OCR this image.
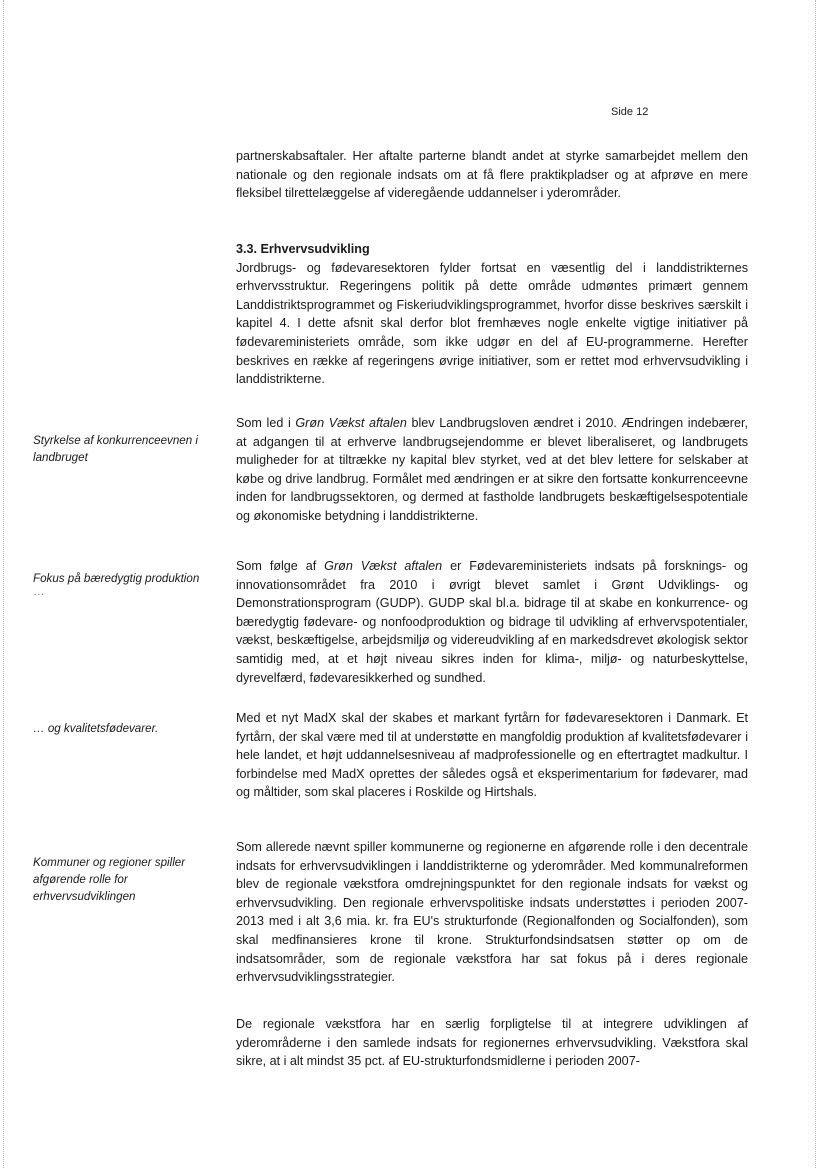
Side 12

partnerskabsaftaler. Her aftalte parterne blandt andet at styrke samarbejdet mellem den nationale og den regionale indsats om at få flere praktikpladser og at afprøve en mere fleksibel tilrettelæggelse af videregående uddannelser i yderområder.

3.3. Erhvervsudvikling

Jordbrugs- og fødevaresektoren fylder fortsat en væsentlig del i landdistrikternes erhvervsstruktur. Regeringens politik på dette område udmøntes primært gennem Landdistriktsprogrammet og Fiskeriudviklingsprogrammet, hvorfor disse beskrives særskilt i kapitel 4. I dette afsnit skal derfor blot fremhæves nogle enkelte vigtige initiativer på fødevareministeriets område, som ikke udgør en del af EU-programmerne. Herefter beskrives en række af regeringens øvrige initiativer, som er rettet mod erhvervsudvikling i landdistrikterne.

Som led i Grøn Vækst aftalen blev Landbrugsloven ændret i 2010. Ændringen indebærer, at adgangen til at erhverve landbrugsejendomme er blevet liberaliseret, og landbrugets muligheder for at tiltrække ny kapital blev styrket, ved at det blev lettere for selskaber at købe og drive landbrug. Formålet med ændringen er at sikre den fortsatte konkurrenceevne inden for landbrugssektoren, og dermed at fastholde landbrugets beskæftigelsespotentiale og økonomiske betydning i landdistrikterne.

Som følge af Grøn Vækst aftalen er Fødevareministeriets indsats på forsknings- og innovationsområdet fra 2010 i øvrigt blevet samlet i Grønt Udviklings- og Demonstrationsprogram (GUDP). GUDP skal bl.a. bidrage til at skabe en konkurrence- og bæredygtig fødevare- og nonfoodproduktion og bidrage til udvikling af erhvervspotentialer, vækst, beskæftigelse, arbejdsmiljø og videreudvikling af en markedsdrevet økologisk sektor samtidig med, at et højt niveau sikres inden for klima-, miljø- og naturbeskyttelse, dyrevelfærd, fødevaresikkerhed og sundhed.

Med et nyt MadX skal der skabes et markant fyrtårn for fødevaresektoren i Danmark. Et fyrtårn, der skal være med til at understøtte en mangfoldig produktion af kvalitetsfødevarer i hele landet, et højt uddannelsesniveau af madprofessionelle og en eftertragtet madkultur. I forbindelse med MadX oprettes der således også et eksperimentarium for fødevarer, mad og måltider, som skal placeres i Roskilde og Hirtshals.

Som allerede nævnt spiller kommunerne og regionerne en afgørende rolle i den decentrale indsats for erhvervsudviklingen i landdistrikterne og yderområder. Med kommunalreformen blev de regionale vækstfora omdrejningspunktet for den regionale indsats for vækst og erhvervsudvikling. Den regionale erhvervspolitiske indsats understøttes i perioden 2007-2013 med i alt 3,6 mia. kr. fra EU's strukturfonde (Regionalfonden og Socialfonden), som skal medfinansieres krone til krone. Strukturfondsindsatsen støtter op om de indsatsområder, som de regionale vækstfora har sat fokus på i deres regionale erhvervsudviklingsstrategier.

De regionale vækstfora har en særlig forpligtelse til at integrere udviklingen af yderområderne i den samlede indsats for regionernes erhvervsudvikling. Vækstfora skal sikre, at i alt mindst 35 pct. af EU-strukturfondsmidlerne i perioden 2007-

Styrkelse af konkurrenceevnen i landbruget
Fokus på bæredygtig produktion
…
… og kvalitetsfødevarer.
Kommuner og regioner spiller afgørende rolle for erhvervsudviklingen
